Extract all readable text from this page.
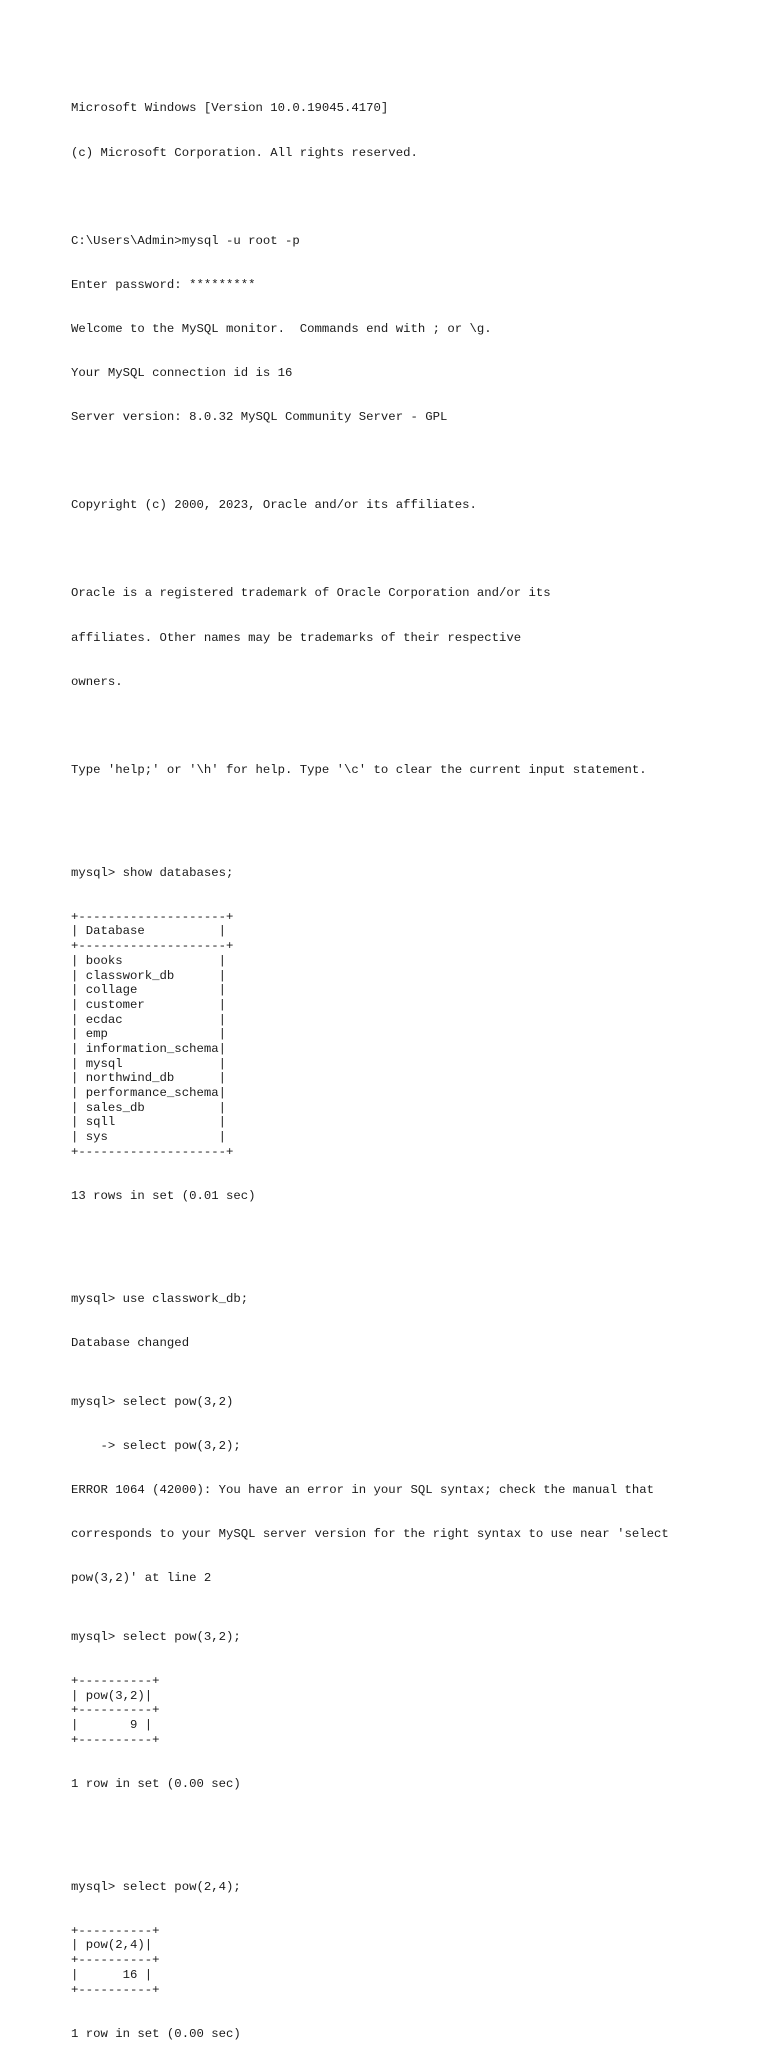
Microsoft Windows [Version 10.0.19045.4170]

(c) Microsoft Corporation. All rights reserved.

C:\Users\Admin>mysql -u root -p

Enter password: *********

Welcome to the MySQL monitor.  Commands end with ; or \g.

Your MySQL connection id is 16

Server version: 8.0.32 MySQL Community Server - GPL

Copyright (c) 2000, 2023, Oracle and/or its affiliates.

Oracle is a registered trademark of Oracle Corporation and/or its

affiliates. Other names may be trademarks of their respective

owners.

Type 'help;' or '\h' for help. Type '\c' to clear the current input statement.

mysql> show databases;

+--------------------+
| Database          |
+--------------------+
| books             |
| classwork_db      |
| collage           |
| customer          |
| ecdac             |
| emp               |
| information_schema|
| mysql             |
| northwind_db      |
| performance_schema|
| sales_db          |
| sqll              |
| sys               |
+--------------------+

13 rows in set (0.01 sec)

mysql> use classwork_db;

Database changed

mysql> select pow(3,2)

-> select pow(3,2);

ERROR 1064 (42000): You have an error in your SQL syntax; check the manual that

corresponds to your MySQL server version for the right syntax to use near 'select

pow(3,2)' at line 2

mysql> select pow(3,2);

+----------+
| pow(3,2)|
+----------+
|       9 |
+----------+

1 row in set (0.00 sec)

mysql> select pow(2,4);

+----------+
| pow(2,4)|
+----------+
|      16 |
+----------+

1 row in set (0.00 sec)
